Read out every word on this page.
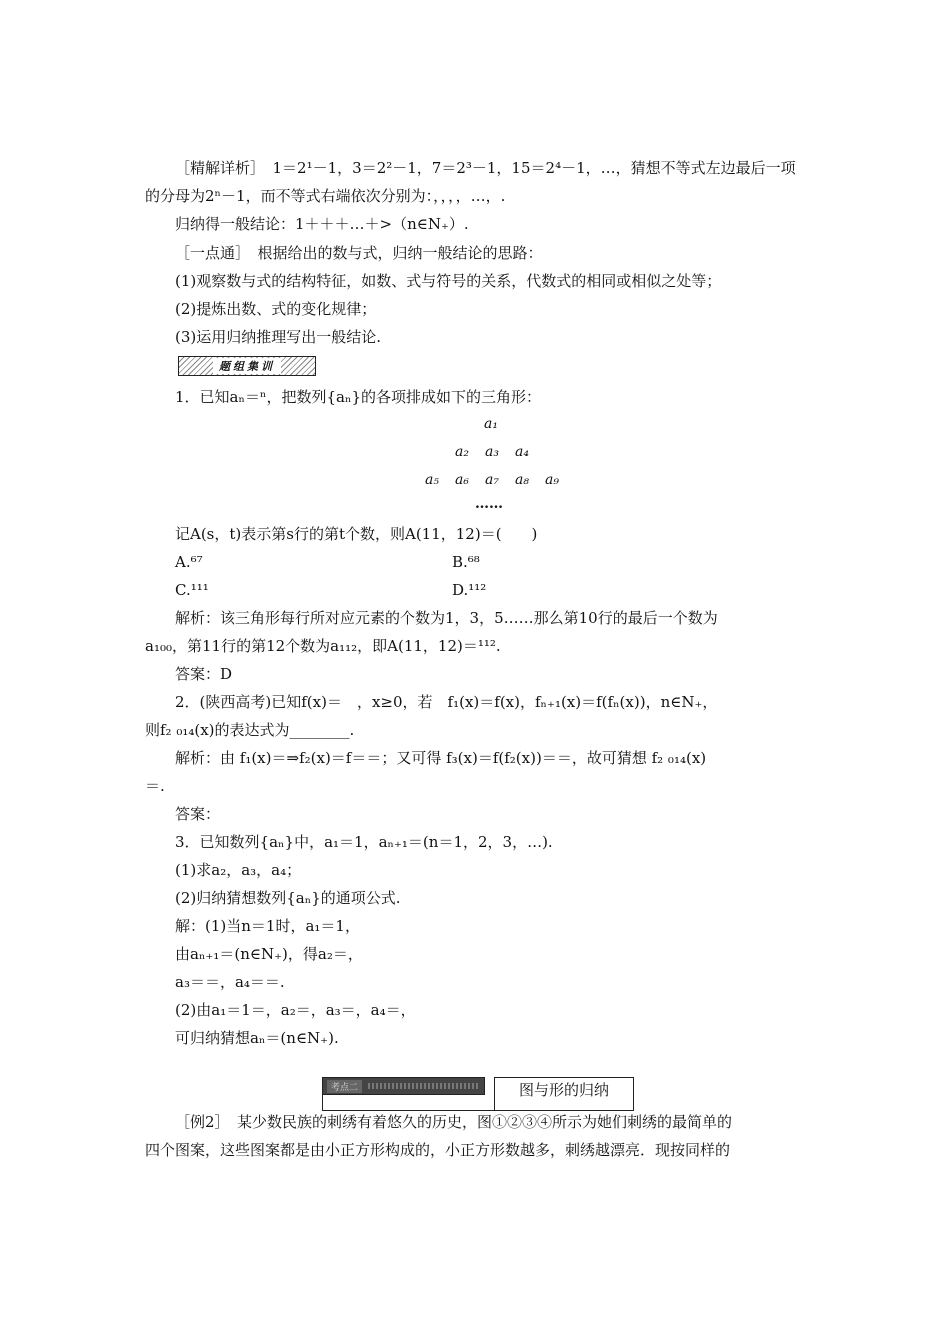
［精解详析］　1＝2¹－1，3＝2²－1，7＝2³－1，15＝2⁴－1，…，猜想不等式左边最后一项
的分母为2ⁿ－1，而不等式右端依次分别为：，，，，…，.
归纳得一般结论：1＋＋＋…＋>（n∈N₊）.
［一点通］　根据给出的数与式，归纳一般结论的思路：
(1)观察数与式的结构特征，如数、式与符号的关系，代数式的相同或相似之处等；
(2)提炼出数、式的变化规律；
(3)运用归纳推理写出一般结论.
题组集训
1．已知aₙ＝ⁿ，把数列{aₙ}的各项排成如下的三角形：
a₁
a₂ a₃ a₄
a₅ a₆ a₇ a₈ a₉
……
记A(s，t)表示第s行的第t个数，则A(11，12)＝(　　)
A.⁶⁷	B.⁶⁸
C.¹¹¹	D.¹¹²
解析：该三角形每行所对应元素的个数为1，3，5……那么第10行的最后一个数为
a₁₀₀，第11行的第12个数为a₁₁₂，即A(11，12)＝¹¹².
答案：D
2．(陕西高考)已知f(x)＝　，x≥0，若　f₁(x)＝f(x)，fₙ₊₁(x)＝f(fₙ(x))，n∈N₊，
则f₂ ₀₁₄(x)的表达式为________.
解析：由 f₁(x)＝⇒f₂(x)＝f＝＝；又可得 f₃(x)＝f(f₂(x))＝＝，故可猜想 f₂ ₀₁₄(x)
＝.
答案：
3．已知数列{aₙ}中，a₁＝1，aₙ₊₁＝(n＝1，2，3，…).
(1)求a₂，a₃，a₄；
(2)归纳猜想数列{aₙ}的通项公式.
解：(1)当n＝1时，a₁＝1，
由aₙ₊₁＝(n∈N₊)，得a₂＝，
a₃＝＝，a₄＝＝.
(2)由a₁＝1＝，a₂＝，a₃＝，a₄＝，
可归纳猜想aₙ＝(n∈N₊).
考点二	图与形的归纳
［例2］　某少数民族的刺绣有着悠久的历史，图①②③④所示为她们刺绣的最简单的
四个图案，这些图案都是由小正方形构成的，小正方形数越多，刺绣越漂亮．现按同样的
